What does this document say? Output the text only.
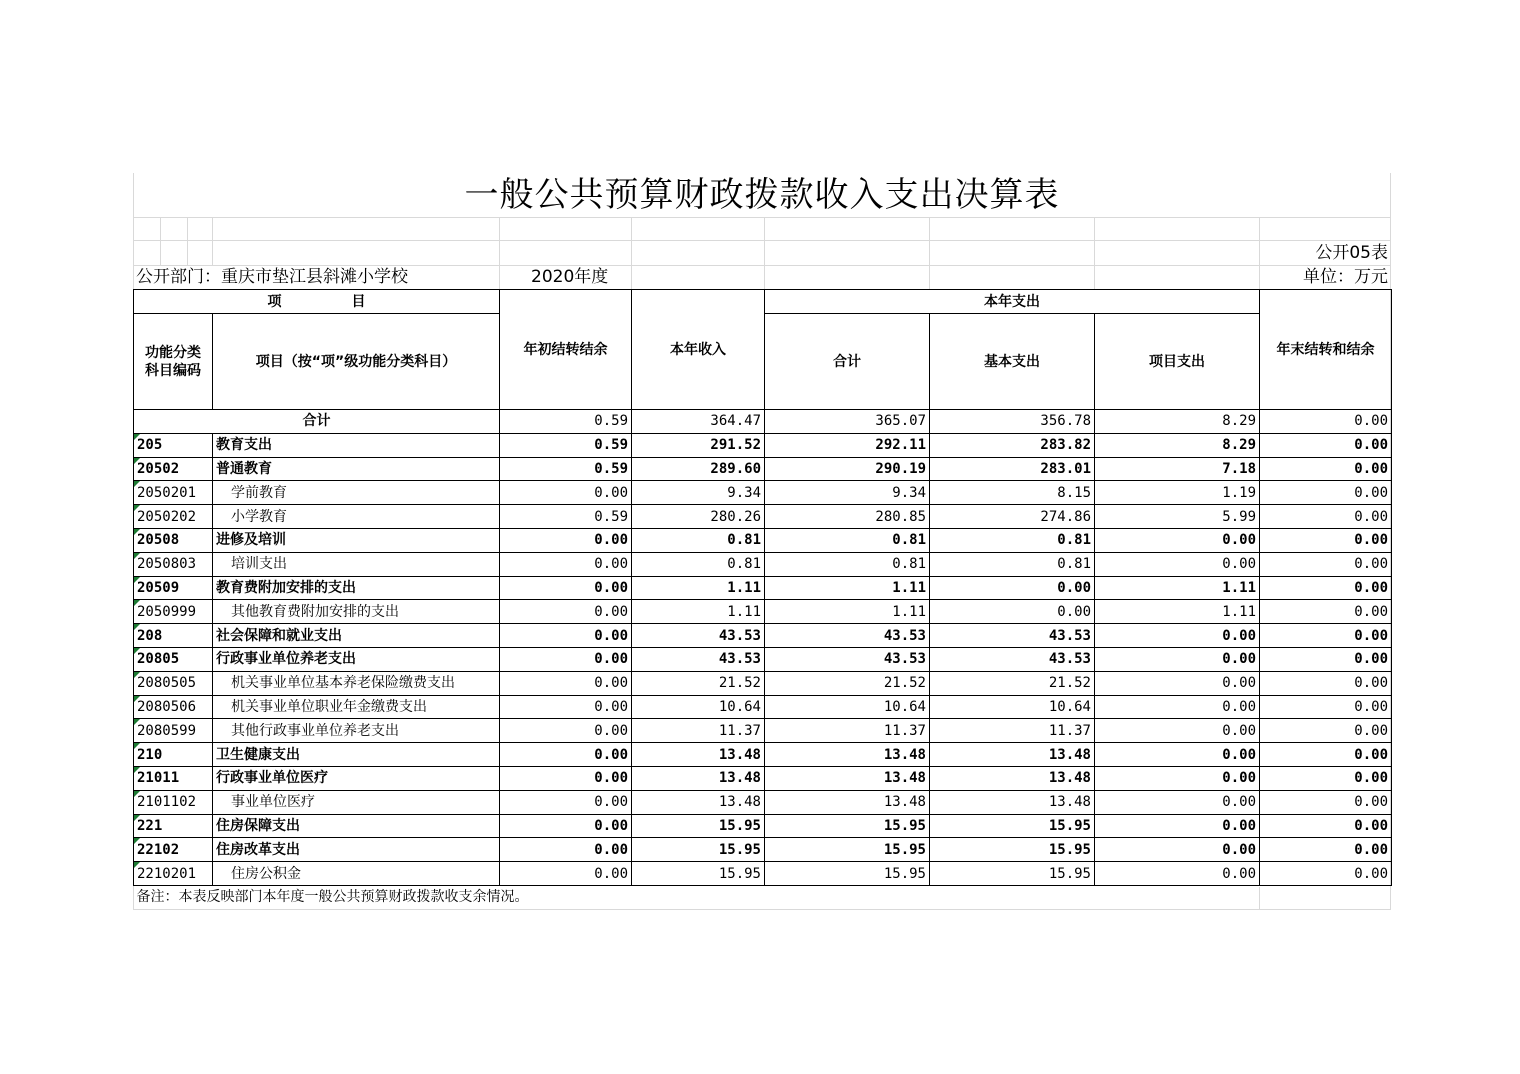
一般公共预算财政拨款收入支出决算表
公开05表
公开部门：重庆市垫江县斜滩小学校	2020年度	单位：万元
项　　　　　目		年初结转结余	本年收入	本年支出			年末结转和结余
功能分类
科目编码	项目（按“项”级功能分类科目）			合计	基本支出	项目支出	
合计		0.59	364.47	365.07	356.78	8.29	0.00
205	教育支出	0.59	291.52	292.11	283.82	8.29	0.00
20502	普通教育	0.59	289.60	290.19	283.01	7.18	0.00
2050201	学前教育	0.00	9.34	9.34	8.15	1.19	0.00
2050202	小学教育	0.59	280.26	280.85	274.86	5.99	0.00
20508	进修及培训	0.00	0.81	0.81	0.81	0.00	0.00
2050803	培训支出	0.00	0.81	0.81	0.81	0.00	0.00
20509	教育费附加安排的支出	0.00	1.11	1.11	0.00	1.11	0.00
2050999	其他教育费附加安排的支出	0.00	1.11	1.11	0.00	1.11	0.00
208	社会保障和就业支出	0.00	43.53	43.53	43.53	0.00	0.00
20805	行政事业单位养老支出	0.00	43.53	43.53	43.53	0.00	0.00
2080505	机关事业单位基本养老保险缴费支出	0.00	21.52	21.52	21.52	0.00	0.00
2080506	机关事业单位职业年金缴费支出	0.00	10.64	10.64	10.64	0.00	0.00
2080599	其他行政事业单位养老支出	0.00	11.37	11.37	11.37	0.00	0.00
210	卫生健康支出	0.00	13.48	13.48	13.48	0.00	0.00
21011	行政事业单位医疗	0.00	13.48	13.48	13.48	0.00	0.00
2101102	事业单位医疗	0.00	13.48	13.48	13.48	0.00	0.00
221	住房保障支出	0.00	15.95	15.95	15.95	0.00	0.00
22102	住房改革支出	0.00	15.95	15.95	15.95	0.00	0.00
2210201	住房公积金	0.00	15.95	15.95	15.95	0.00	0.00
备注：本表反映部门本年度一般公共预算财政拨款收支余情况。							
